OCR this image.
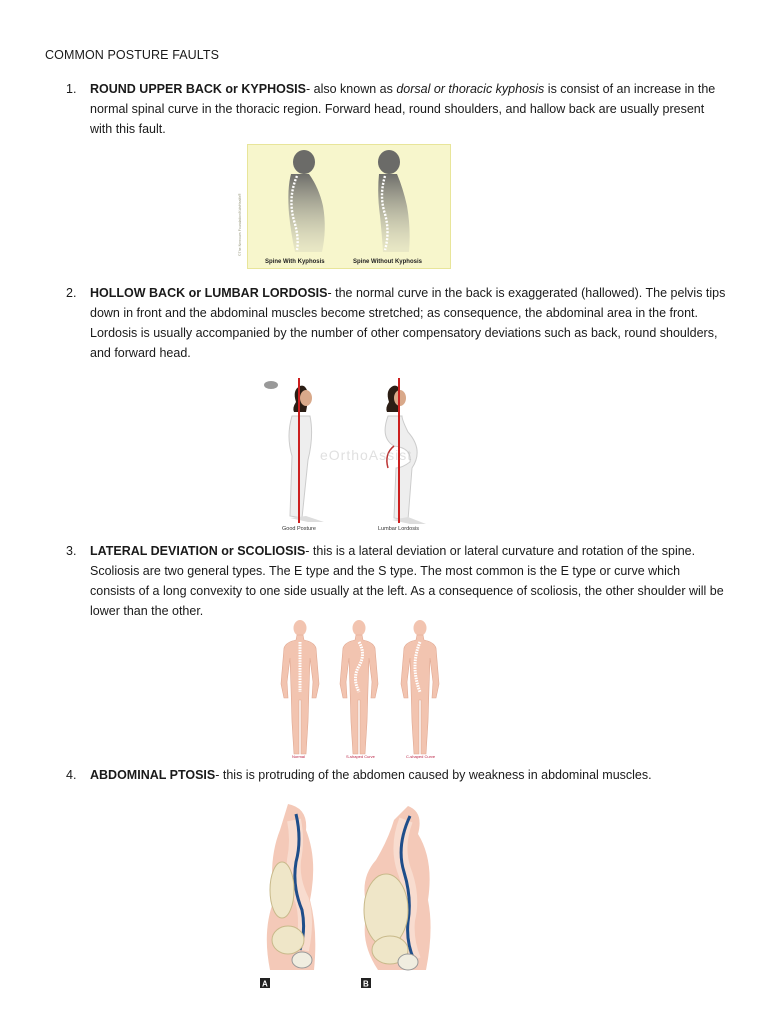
COMMON POSTURE FAULTS
1. ROUND UPPER BACK or KYPHOSIS- also known as dorsal or thoracic kyphosis is consist of an increase in the normal spinal curve in the thoracic region. Forward head, round shoulders, and hallow back are usually present with this fault.
©The Nemours Foundation/KidsHealth®
Spine With Kyphosis	Spine Without Kyphosis
2. HOLLOW BACK or LUMBAR LORDOSIS- the normal curve in the back is exaggerated (hallowed). The pelvis tips down in front and the abdominal muscles become stretched; as consequence, the abdominal area in the front. Lordosis is usually accompanied by the number of other compensatory deviations such as back, round shoulders, and forward head.
eOrthoAssist
Good Posture	Lumbar Lordosis
3. LATERAL DEVIATION or SCOLIOSIS- this is a lateral deviation or lateral curvature and rotation of the spine. Scoliosis are two general types. The E type and the S type. The most common is the E type or curve which consists of a long convexity to one side usually at the left. As a consequence of scoliosis, the other shoulder will be lower than the other.
Normal	S-shaped Curve	C-shaped Curve
4. ABDOMINAL PTOSIS- this is protruding of the abdomen caused by weakness in abdominal muscles.
A	B
